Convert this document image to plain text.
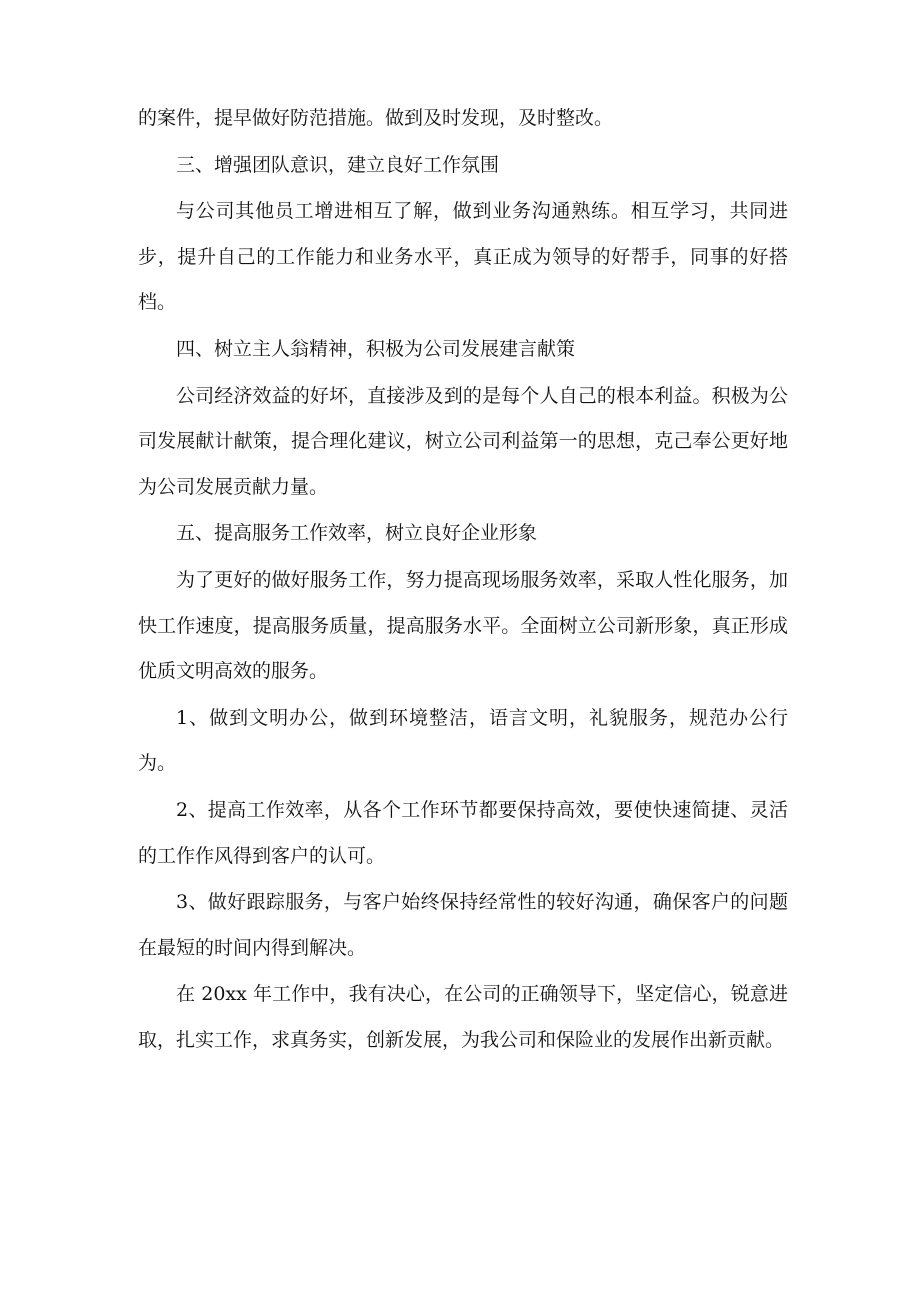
的案件，提早做好防范措施。做到及时发现，及时整改。

三、增强团队意识，建立良好工作氛围

与公司其他员工增进相互了解，做到业务沟通熟练。相互学习，共同进步，提升自己的工作能力和业务水平，真正成为领导的好帮手，同事的好搭档。

四、树立主人翁精神，积极为公司发展建言献策

公司经济效益的好坏，直接涉及到的是每个人自己的根本利益。积极为公司发展献计献策，提合理化建议，树立公司利益第一的思想，克己奉公更好地为公司发展贡献力量。

五、提高服务工作效率，树立良好企业形象

为了更好的做好服务工作，努力提高现场服务效率，采取人性化服务，加快工作速度，提高服务质量，提高服务水平。全面树立公司新形象，真正形成优质文明高效的服务。

1、做到文明办公，做到环境整洁，语言文明，礼貌服务，规范办公行为。

2、提高工作效率，从各个工作环节都要保持高效，要使快速简捷、灵活的工作作风得到客户的认可。

3、做好跟踪服务，与客户始终保持经常性的较好沟通，确保客户的问题在最短的时间内得到解决。

在 20xx 年工作中，我有决心，在公司的正确领导下，坚定信心，锐意进取，扎实工作，求真务实，创新发展，为我公司和保险业的发展作出新贡献。
